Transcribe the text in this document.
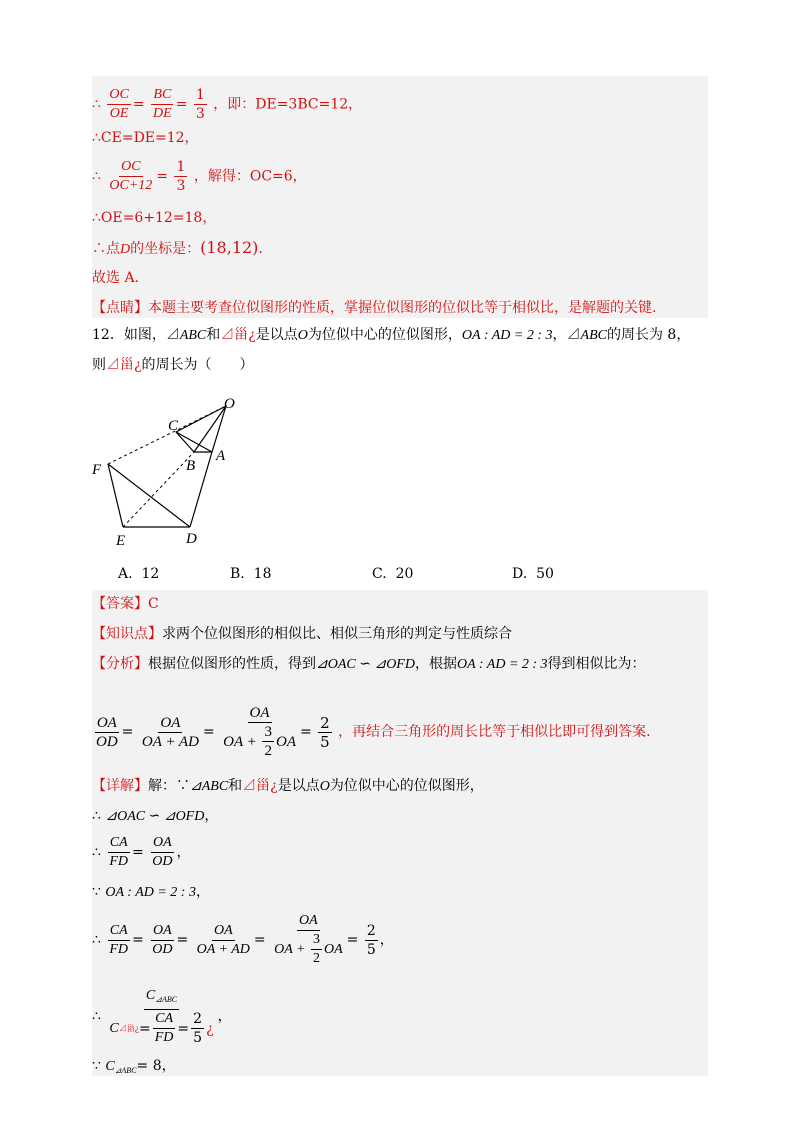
∴ $\frac{OC}{OE} = \frac{BC}{DE} = \frac{1}{3}$ ，即：DE=3BC=12，
∴CE=DE=12，
∴ $\frac{OC}{OC+12} = \frac{1}{3}$ ，解得：OC=6，
∴OE=6+12=18，
∴点D的坐标是：(18,12).
故选 A.
【点睛】本题主要考查位似图形的性质，掌握位似图形的位似比等于相似比，是解题的关键.
12．如图，⊿ABC和⊿甾¿是以点O为位似中心的位似图形，OA : AD = 2 : 3，⊿ABC的周长为 8，
则⊿甾¿的周长为（　　）
O
C
A
B
F
E	D
A. 12	B. 18	C. 20	D. 50
【答案】C
【知识点】求两个位似图形的相似比、相似三角形的判定与性质综合
【分析】根据位似图形的性质，得到⊿OAC ∽ ⊿OFD，根据OA : AD = 2 : 3得到相似比为：
$\frac{OA}{OD} = \frac{OA}{OA + AD}$ = OA
OA +
$\frac{3}{2}$ OA = $\frac{2}{5}$ ，再结合三角形的周长比等于相似比即可得到答案.
【详解】解：∵⊿ABC和⊿甾¿是以点O为位似中心的位似图形，
∴ ⊿OAC ∽ ⊿OFD，
∴ $\frac{CA}{FD} = \frac{OA}{OD}$ ，
∵ OA : AD = 2 : 3，
∴ $\frac{CA}{FD} = \frac{OA}{OD} = \frac{OA}{OA + AD}$ = OA
OA +
$\frac{3}{2}$ OA = $\frac{2}{5}$ ，
∴ $\frac{C_{⊿ABC}}{C ⊿甾¿ = \frac{CA}{FD} = \frac{2}{5} ¿}$ ，
∵ $C_{⊿ABC}= 8$，
